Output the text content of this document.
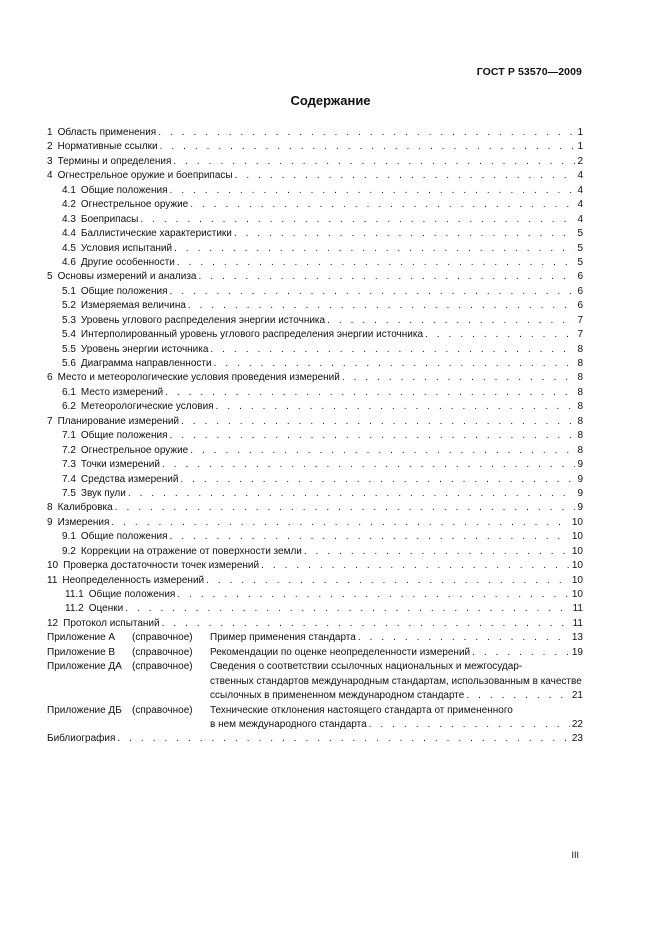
ГОСТ Р 53570—2009
Содержание
1 Область применения . . .	1
2 Нормативные ссылки . . .	1
3 Термины и определения . . .	2
4 Огнестрельное оружие и боеприпасы . . .	4
4.1 Общие положения . . .	4
4.2 Огнестрельное оружие . . .	4
4.3 Боеприпасы . . .	4
4.4 Баллистические характеристики . . .	5
4.5 Условия испытаний . . .	5
4.6 Другие особенности . . .	5
5 Основы измерений и анализа . . .	6
5.1 Общие положения . . .	6
5.2 Измеряемая величина . . .	6
5.3 Уровень углового распределения энергии источника . . .	7
5.4 Интерполированный уровень углового распределения энергии источника . . .	7
5.5 Уровень энергии источника . . .	8
5.6 Диаграмма направленности . . .	8
6 Место и метеорологические условия проведения измерений . . .	8
6.1 Место измерений . . .	8
6.2 Метеорологические условия . . .	8
7 Планирование измерений . . .	8
7.1 Общие положения . . .	8
7.2 Огнестрельное оружие . . .	8
7.3 Точки измерений . . .	9
7.4 Средства измерений . . .	9
7.5 Звук пули . . .	9
8 Калибровка . . .	9
9 Измерения . . .	10
9.1 Общие положения . . .	10
9.2 Коррекции на отражение от поверхности земли . . .	10
10 Проверка достаточности точек измерений . . .	10
11 Неопределенность измерений . . .	10
11.1 Общие положения . . .	10
11.2 Оценки . . .	11
12 Протокол испытаний . . .	11
Приложение А	(справочное)	Пример применения стандарта . . .	13
Приложение В	(справочное)	Рекомендации по оценке неопределенности измерений . . .	19
Приложение ДА	(справочное)	Сведения о соответствии ссылочных национальных и межгосудар-
ственных стандартов международным стандартам, использованным в качестве
ссылочных в примененном международном стандарте . . .	21
Приложение ДБ	(справочное)	Технические отклонения настоящего стандарта от примененного
в нем международного стандарта . . .	22
Библиография . . .	23
III
